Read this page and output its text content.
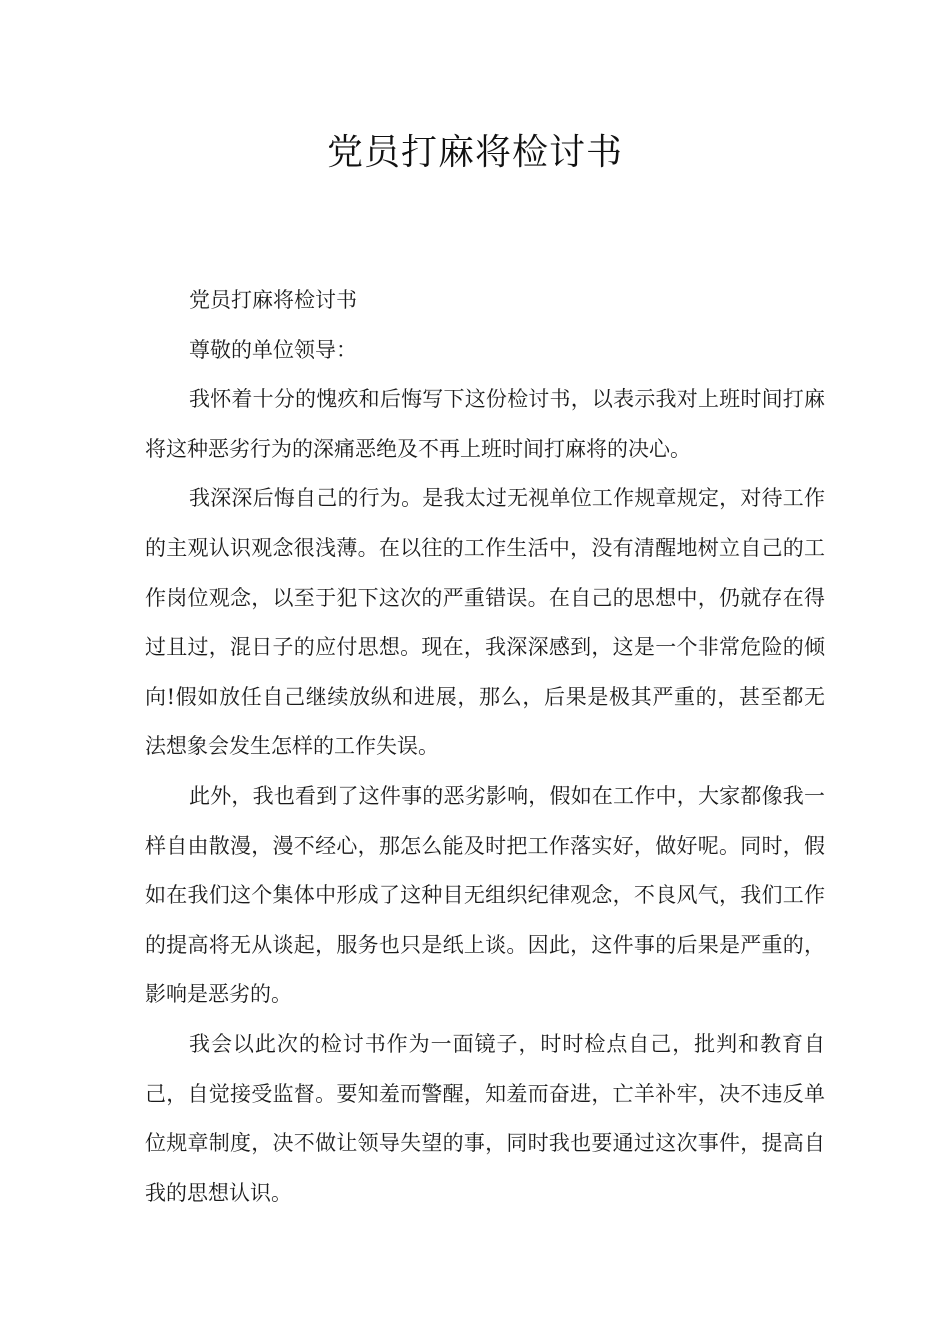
党员打麻将检讨书

党员打麻将检讨书

尊敬的单位领导：

我怀着十分的愧疚和后悔写下这份检讨书，以表示我对上班时间打麻将这种恶劣行为的深痛恶绝及不再上班时间打麻将的决心。

我深深后悔自己的行为。是我太过无视单位工作规章规定，对待工作的主观认识观念很浅薄。在以往的工作生活中，没有清醒地树立自己的工作岗位观念，以至于犯下这次的严重错误。在自己的思想中，仍就存在得过且过，混日子的应付思想。现在，我深深感到，这是一个非常危险的倾向!假如放任自己继续放纵和进展，那么，后果是极其严重的，甚至都无法想象会发生怎样的工作失误。

此外，我也看到了这件事的恶劣影响，假如在工作中，大家都像我一样自由散漫，漫不经心，那怎么能及时把工作落实好，做好呢。同时，假如在我们这个集体中形成了这种目无组织纪律观念，不良风气，我们工作的提高将无从谈起，服务也只是纸上谈。因此，这件事的后果是严重的，影响是恶劣的。

我会以此次的检讨书作为一面镜子，时时检点自己，批判和教育自己，自觉接受监督。要知羞而警醒，知羞而奋进，亡羊补牢，决不违反单位规章制度，决不做让领导失望的事，同时我也要通过这次事件，提高自我的思想认识。
